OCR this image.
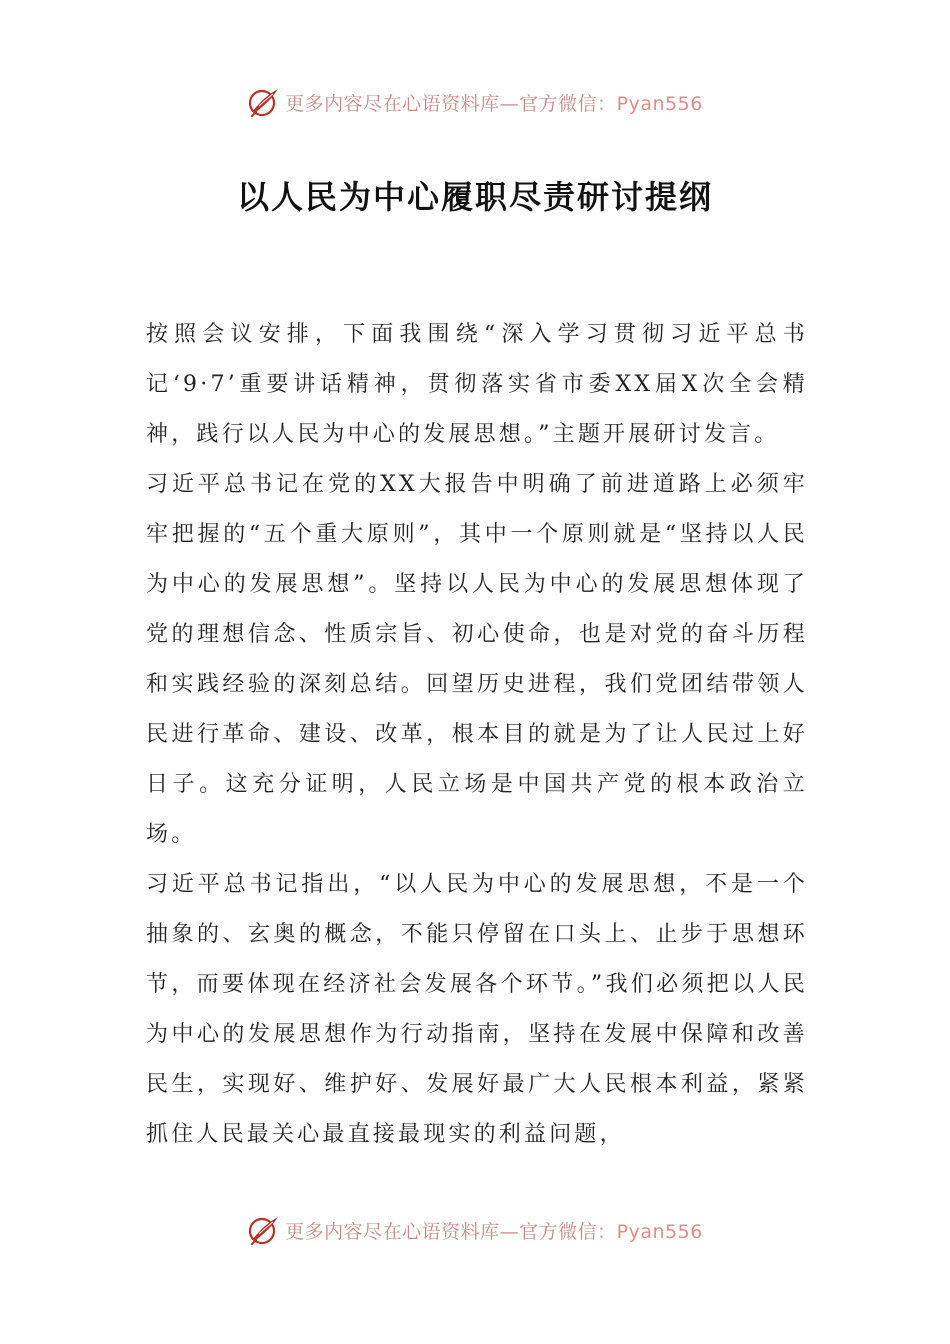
更多内容尽在心语资料库—官方微信：Pyan556
以人民为中心履职尽责研讨提纲

按照会议安排，下面我围绕“深入学习贯彻习近平总书记‘9·7’重要讲话精神，贯彻落实省市委XX届X次全会精神，践行以人民为中心的发展思想。”主题开展研讨发言。

习近平总书记在党的XX大报告中明确了前进道路上必须牢牢把握的“五个重大原则”，其中一个原则就是“坚持以人民为中心的发展思想”。坚持以人民为中心的发展思想体现了党的理想信念、性质宗旨、初心使命，也是对党的奋斗历程和实践经验的深刻总结。回望历史进程，我们党团结带领人民进行革命、建设、改革，根本目的就是为了让人民过上好日子。这充分证明，人民立场是中国共产党的根本政治立场。

习近平总书记指出，“以人民为中心的发展思想，不是一个抽象的、玄奥的概念，不能只停留在口头上、止步于思想环节，而要体现在经济社会发展各个环节。”我们必须把以人民为中心的发展思想作为行动指南，坚持在发展中保障和改善民生，实现好、维护好、发展好最广大人民根本利益，紧紧抓住人民最关心最直接最现实的利益问题，

更多内容尽在心语资料库—官方微信：Pyan556
